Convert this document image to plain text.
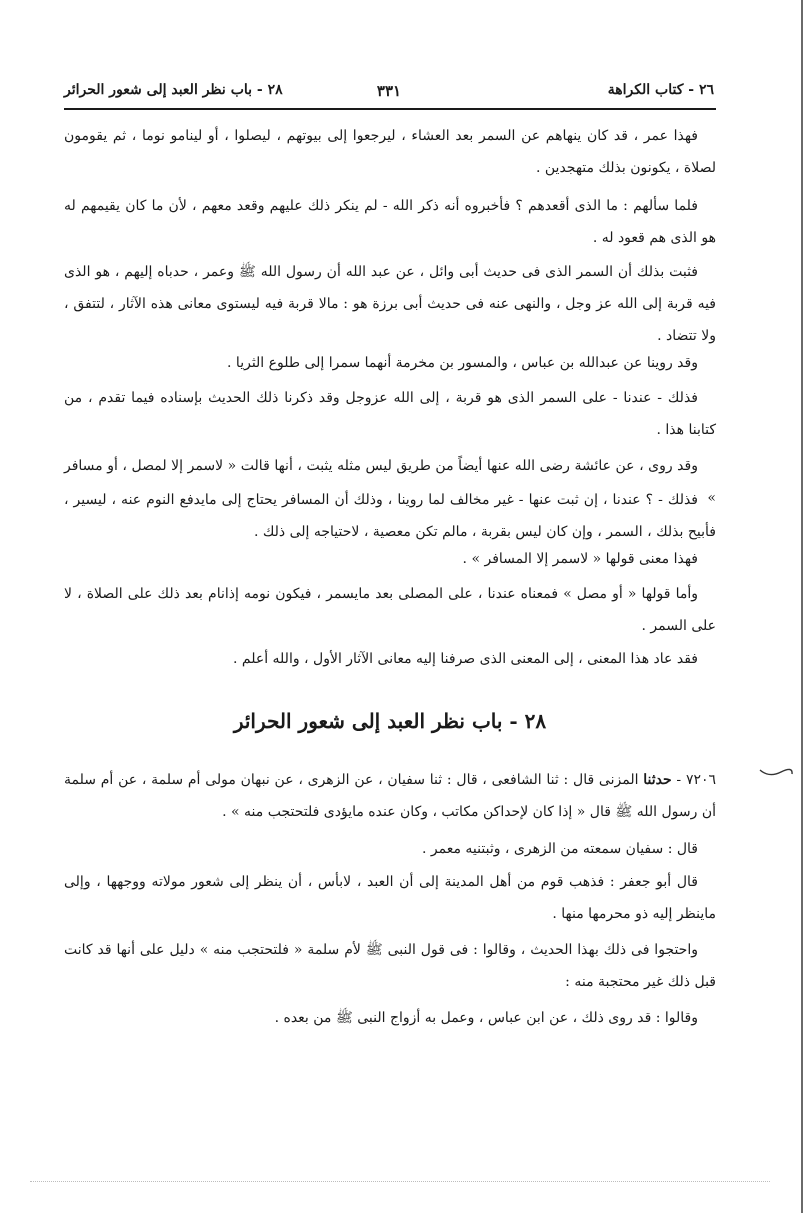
٢٦ - كتاب الكراهة
٣٣١
٢٨ - باب نظر العبد إلى شعور الحرائر

فهذا عمر ، قد كان ينهاهم عن السمر بعد العشاء ، ليرجعوا إلى بيوتهم ، ليصلوا ، أو لينامو نوما ، ثم يقومون لصلاة ، يكونون بذلك متهجدين .

فلما سألهم : ما الذى أقعدهم ؟ فأخبروه أنه ذكر الله - لم ينكر ذلك عليهم وقعد معهم ، لأن ما كان يقيمهم له هو الذى هم قعود له .

فثبت بذلك أن السمر الذى فى حديث أبى وائل ، عن عبد الله أن رسول الله ﷺ وعمر ، حدباه إليهم ، هو الذى فيه قربة إلى الله عز وجل ، والنهى عنه فى حديث أبى برزة هو : مالا قربة فيه ليستوى معانى هذه الآثار ، لتتفق ، ولا تتضاد .

وقد روينا عن عبدالله بن عباس ، والمسور بن مخرمة أنهما سمرا إلى طلوع الثريا .

فذلك - عندنا - على السمر الذى هو قربة ، إلى الله عزوجل وقد ذكرنا ذلك الحديث بإسناده فيما تقدم ، من كتابنا هذا .

وقد روى ، عن عائشة رضى الله عنها أيضاً من طريق ليس مثله يثبت ، أنها قالت « لاسمر إلا لمصل ، أو مسافر »

فذلك - ؟ عندنا ، إن ثبت عنها - غير مخالف لما روينا ، وذلك أن المسافر يحتاج إلى مايدفع النوم عنه ، ليسير ، فأبيح بذلك ، السمر ، وإن كان ليس بقربة ، مالم تكن معصية ، لاحتياجه إلى ذلك .

فهذا معنى قولها « لاسمر إلا المسافر » .

وأما قولها « أو مصل » فمعناه عندنا ، على المصلى بعد مايسمر ، فيكون نومه إذانام بعد ذلك على الصلاة ، لا على السمر .

فقد عاد هذا المعنى ، إلى المعنى الذى صرفنا إليه معانى الآثار الأول ، والله أعلم .

٢٨ - باب نظر العبد إلى شعور الحرائر

٧٢٠٦ - حدثنا المزنى قال : ثنا الشافعى ، قال : ثنا سفيان ، عن الزهرى ، عن نبهان مولى أم سلمة ، عن أم سلمة أن رسول الله ﷺ قال « إذا كان لإحداكن مكاتب ، وكان عنده مايؤدى فلتحتجب منه » .

قال : سفيان سمعته من الزهرى ، وثبتنيه معمر .

قال أبو جعفر : فذهب قوم من أهل المدينة إلى أن العبد ، لابأس ، أن ينظر إلى شعور مولاته ووجهها ، وإلى ماينظر إليه ذو محرمها منها .

واحتجوا فى ذلك بهذا الحديث ، وقالوا : فى قول النبى ﷺ لأم سلمة « فلتحتجب منه » دليل على أنها قد كانت قبل ذلك غير محتجبة منه :

وقالوا : قد روى ذلك ، عن ابن عباس ، وعمل به أزواج النبى ﷺ من بعده .
